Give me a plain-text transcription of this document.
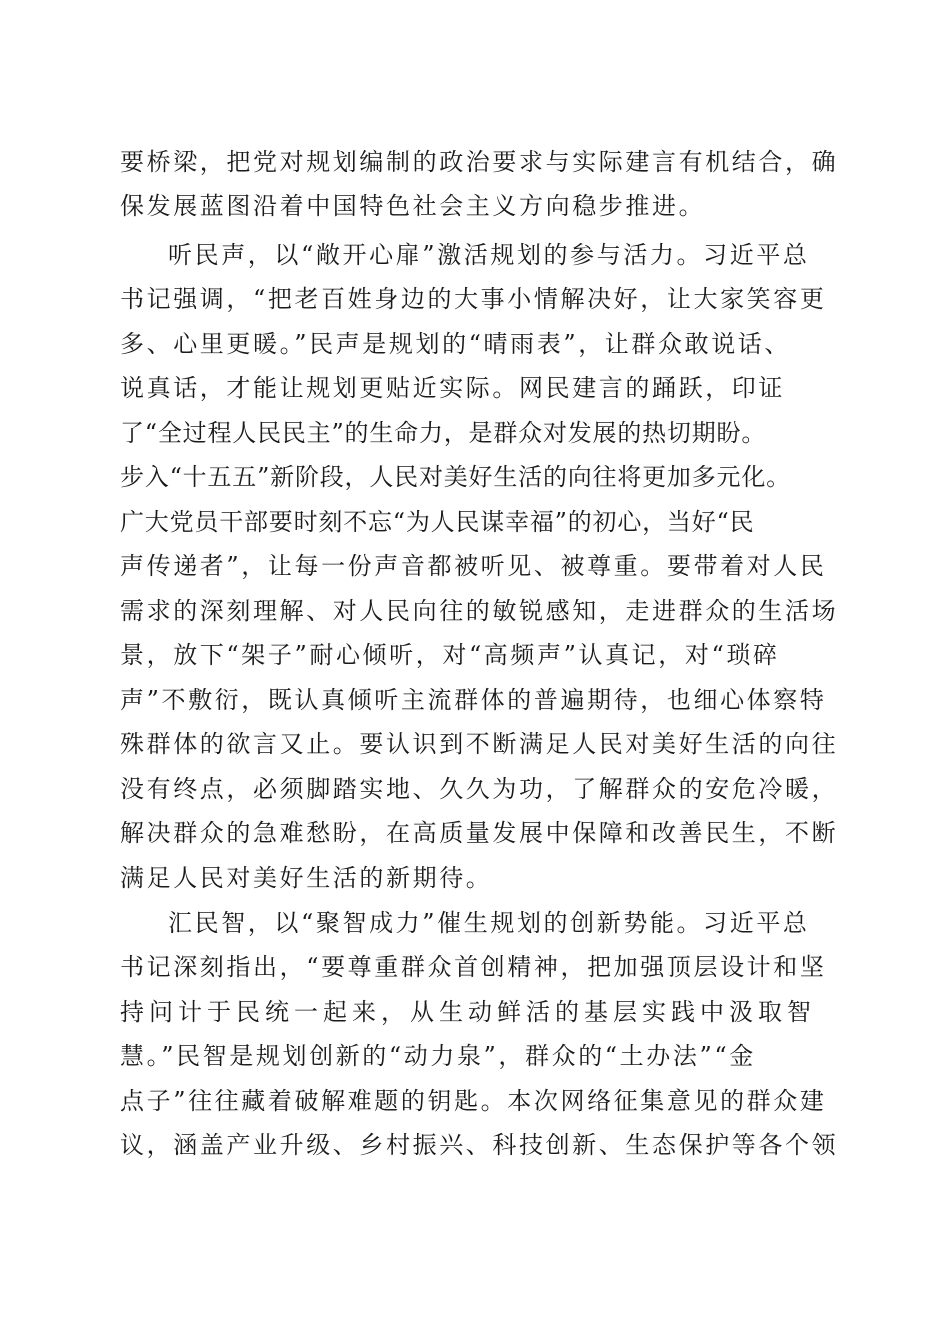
要桥梁，把党对规划编制的政治要求与实际建言有机结合，确
保发展蓝图沿着中国特色社会主义方向稳步推进。
听民声，以“敞开心扉”激活规划的参与活力。习近平总
书记强调，“把老百姓身边的大事小情解决好，让大家笑容更
多、心里更暖。”民声是规划的“晴雨表”，让群众敢说话、
说真话，才能让规划更贴近实际。网民建言的踊跃，印证
了“全过程人民民主”的生命力，是群众对发展的热切期盼。
步入“十五五”新阶段，人民对美好生活的向往将更加多元化。
广大党员干部要时刻不忘“为人民谋幸福”的初心，当好“民
声传递者”，让每一份声音都被听见、被尊重。要带着对人民
需求的深刻理解、对人民向往的敏锐感知，走进群众的生活场
景，放下“架子”耐心倾听，对“高频声”认真记，对“琐碎
声”不敷衍，既认真倾听主流群体的普遍期待，也细心体察特
殊群体的欲言又止。要认识到不断满足人民对美好生活的向往
没有终点，必须脚踏实地、久久为功，了解群众的安危冷暖，
解决群众的急难愁盼，在高质量发展中保障和改善民生，不断
满足人民对美好生活的新期待。
汇民智，以“聚智成力”催生规划的创新势能。习近平总
书记深刻指出，“要尊重群众首创精神，把加强顶层设计和坚
持问计于民统一起来，从生动鲜活的基层实践中汲取智
慧。”民智是规划创新的“动力泉”，群众的“土办法”“金
点子”往往藏着破解难题的钥匙。本次网络征集意见的群众建
议，涵盖产业升级、乡村振兴、科技创新、生态保护等各个领
